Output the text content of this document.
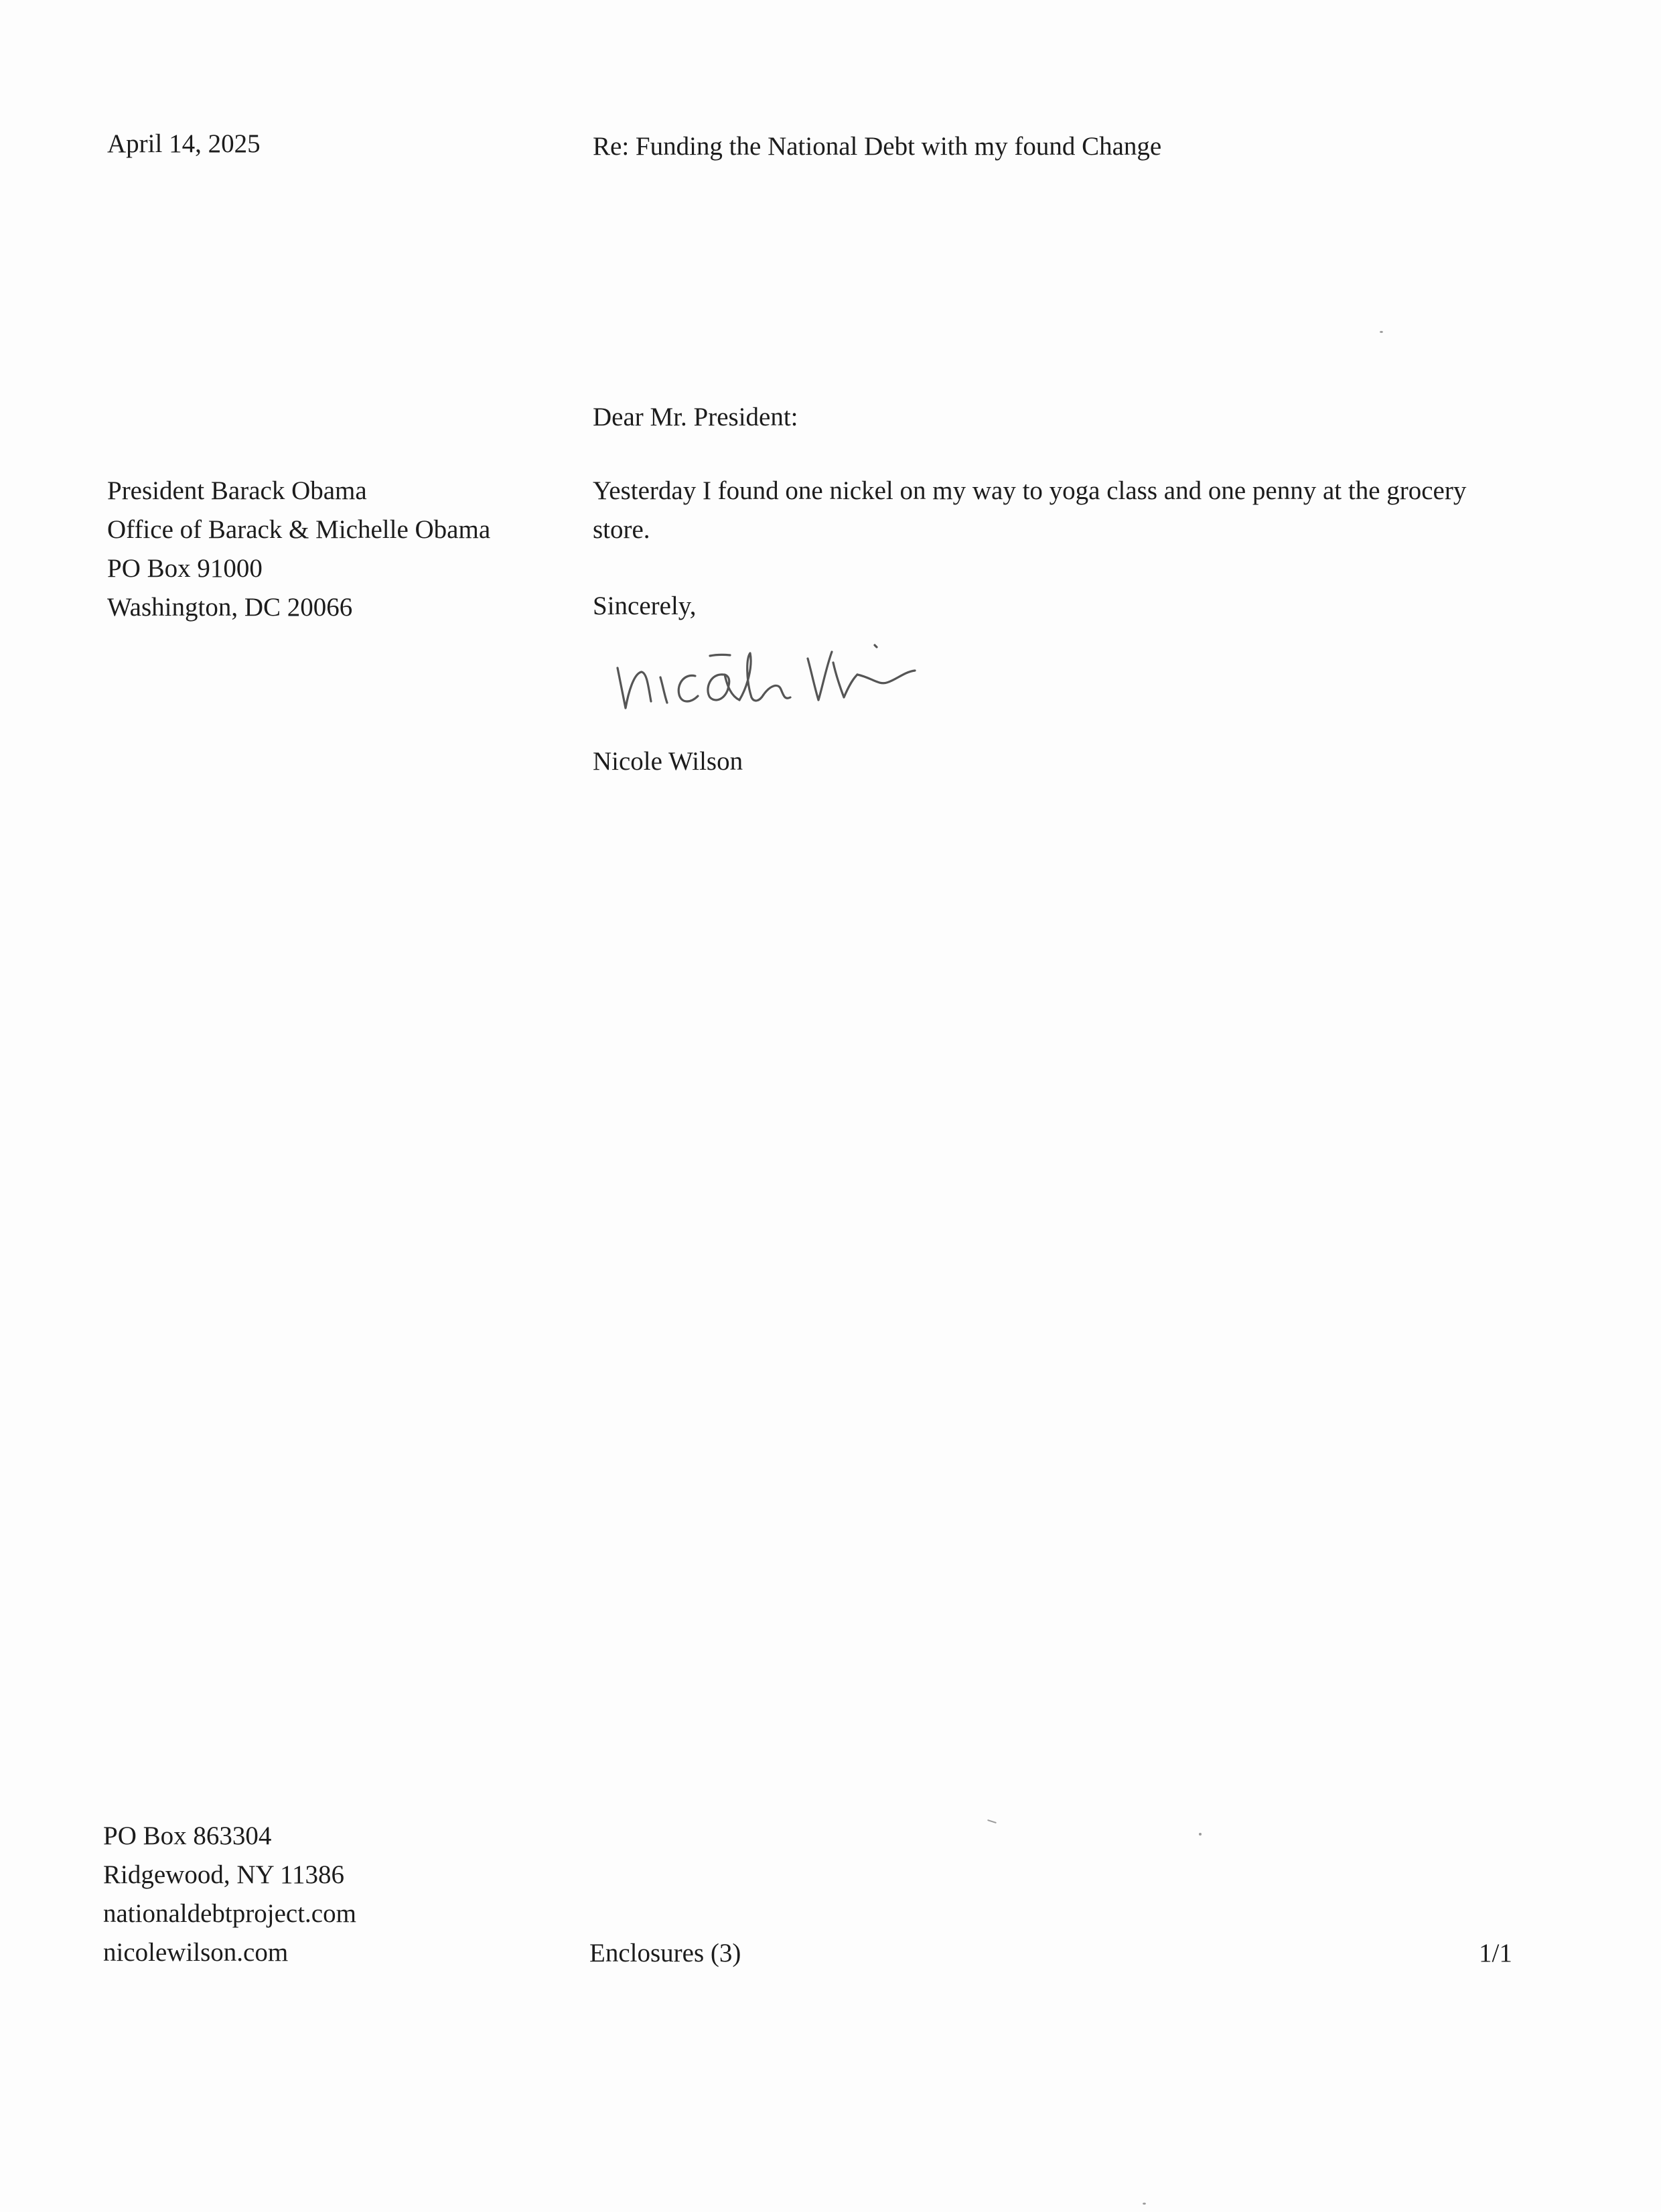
April 14, 2025	Re: Funding the National Debt with my found Change
Dear Mr. President:
President Barack Obama
Office of Barack & Michelle Obama
PO Box 91000
Washington, DC 20066
Yesterday I found one nickel on my way to yoga class and one penny at the grocery store.
Sincerely,
Nicole Wilson
PO Box 863304
Ridgewood, NY 11386
nationaldebtproject.com
nicolewilson.com	Enclosures (3)	1/1
